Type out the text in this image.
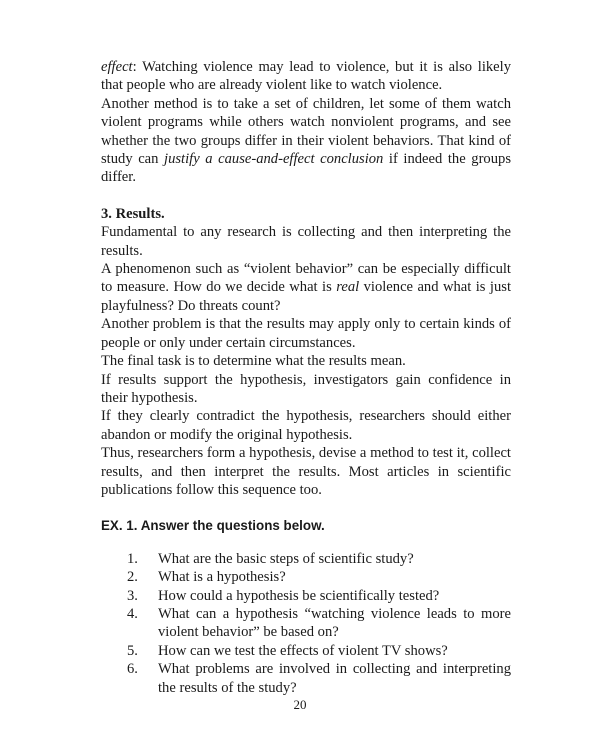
effect: Watching violence may lead to violence, but it is also likely that people who are already violent like to watch violence.

Another method is to take a set of children, let some of them watch violent programs while others watch nonviolent programs, and see whether the two groups differ in their violent behaviors. That kind of study can justify a cause-and-effect conclusion if indeed the groups differ.

3. Results.

Fundamental to any research is collecting and then interpreting the results.

A phenomenon such as “violent behavior” can be especially difficult to measure. How do we decide what is real violence and what is just playfulness? Do threats count?

Another problem is that the results may apply only to certain kinds of people or only under certain circumstances.

The final task is to determine what the results mean.

If results support the hypothesis, investigators gain confidence in their hypothesis.

If they clearly contradict the hypothesis, researchers should either abandon or modify the original hypothesis.

Thus, researchers form a hypothesis, devise a method to test it, collect results, and then interpret the results. Most articles in scientific publications follow this sequence too.

EX. 1. Answer the questions below.

1.	What are the basic steps of scientific study?
2.	What is a hypothesis?
3.	How could a hypothesis be scientifically tested?
4.	What can a hypothesis “watching violence leads to more violent behavior” be based on?
5.	How can we test the effects of violent TV shows?
6.	What problems are involved in collecting and interpreting the results of the study?
20
